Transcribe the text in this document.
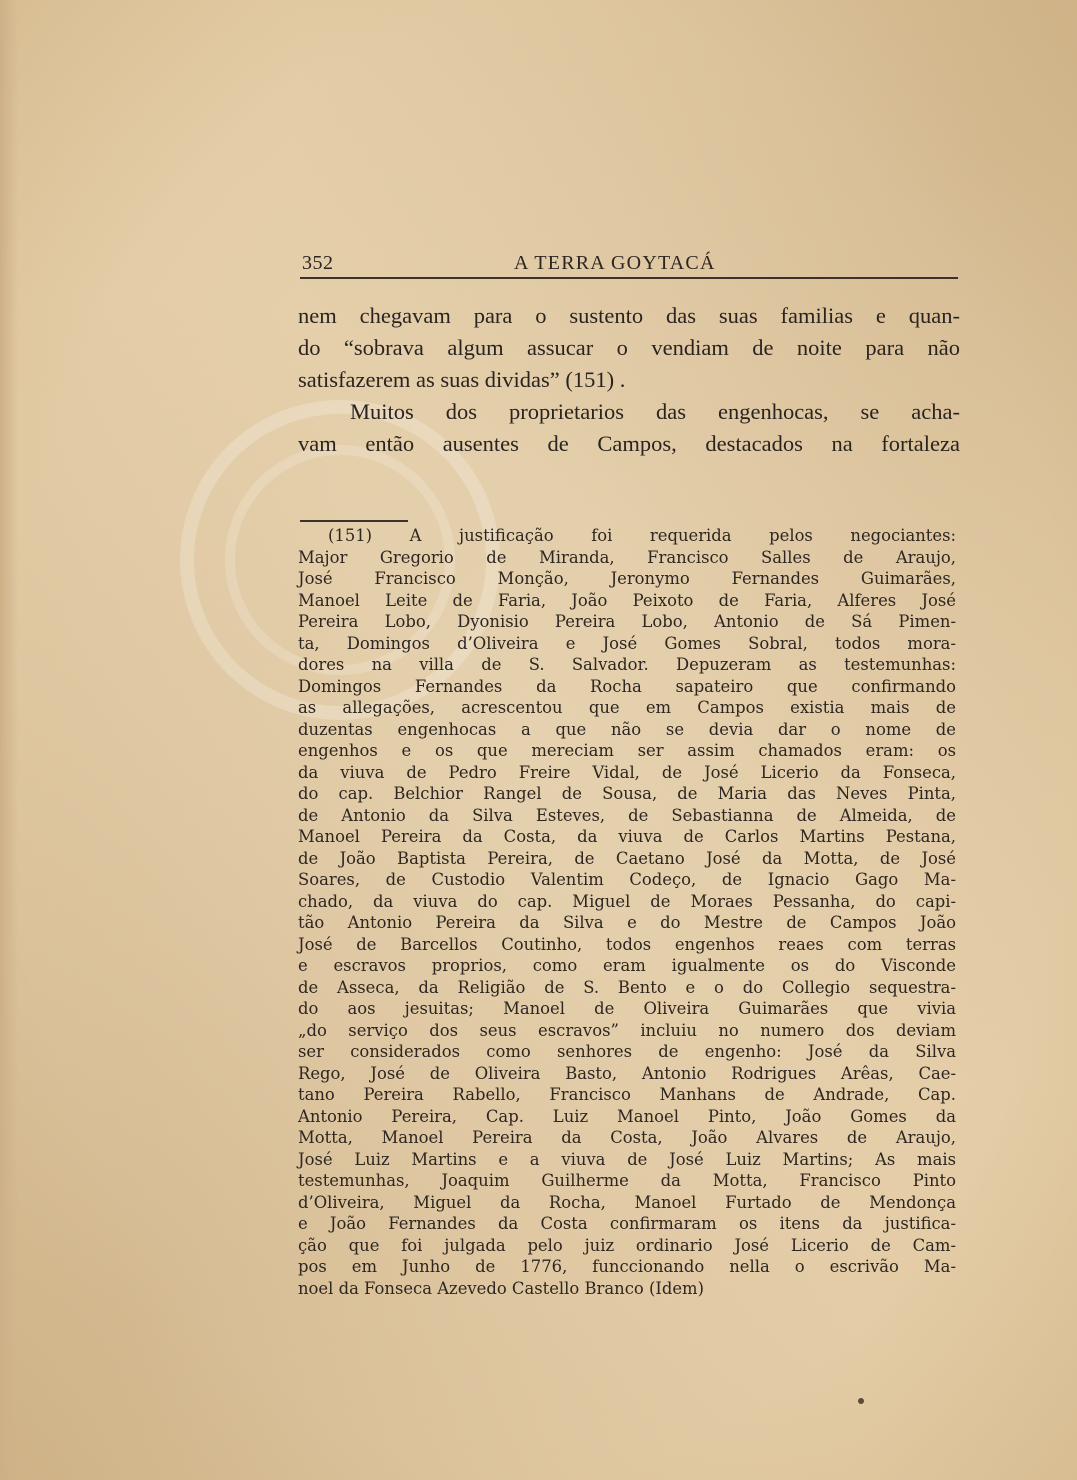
352	A TERRA GOYTACÁ
nem chegavam para o sustento das suas familias e quan-
do “sobrava algum assucar o vendiam de noite para não
satisfazerem as suas dividas” (151) .
Muitos dos proprietarios das engenhocas, se acha-
vam então ausentes de Campos, destacados na fortaleza
(151) A justificação foi requerida pelos negociantes:
Major Gregorio de Miranda, Francisco Salles de Araujo,
José Francisco Monção, Jeronymo Fernandes Guimarães,
Manoel Leite de Faria, João Peixoto de Faria, Alferes José
Pereira Lobo, Dyonisio Pereira Lobo, Antonio de Sá Pimen-
ta, Domingos d’Oliveira e José Gomes Sobral, todos mora-
dores na villa de S. Salvador. Depuzeram as testemunhas:
Domingos Fernandes da Rocha sapateiro que confirmando
as allegações, acrescentou que em Campos existia mais de
duzentas engenhocas a que não se devia dar o nome de
engenhos e os que mereciam ser assim chamados eram: os
da viuva de Pedro Freire Vidal, de José Licerio da Fonseca,
do cap. Belchior Rangel de Sousa, de Maria das Neves Pinta,
de Antonio da Silva Esteves, de Sebastianna de Almeida, de
Manoel Pereira da Costa, da viuva de Carlos Martins Pestana,
de João Baptista Pereira, de Caetano José da Motta, de José
Soares, de Custodio Valentim Codeço, de Ignacio Gago Ma-
chado, da viuva do cap. Miguel de Moraes Pessanha, do capi-
tão Antonio Pereira da Silva e do Mestre de Campos João
José de Barcellos Coutinho, todos engenhos reaes com terras
e escravos proprios, como eram igualmente os do Visconde
de Asseca, da Religião de S. Bento e o do Collegio sequestra-
do aos jesuitas; Manoel de Oliveira Guimarães que vivia
„do serviço dos seus escravos” incluiu no numero dos deviam
ser considerados como senhores de engenho: José da Silva
Rego, José de Oliveira Basto, Antonio Rodrigues Arêas, Cae-
tano Pereira Rabello, Francisco Manhans de Andrade, Cap.
Antonio Pereira, Cap. Luiz Manoel Pinto, João Gomes da
Motta, Manoel Pereira da Costa, João Alvares de Araujo,
José Luiz Martins e a viuva de José Luiz Martins; As mais
testemunhas, Joaquim Guilherme da Motta, Francisco Pinto
d’Oliveira, Miguel da Rocha, Manoel Furtado de Mendonça
e João Fernandes da Costa confirmaram os itens da justifica-
ção que foi julgada pelo juiz ordinario José Licerio de Cam-
pos em Junho de 1776, funccionando nella o escrivão Ma-
noel da Fonseca Azevedo Castello Branco (Idem)
